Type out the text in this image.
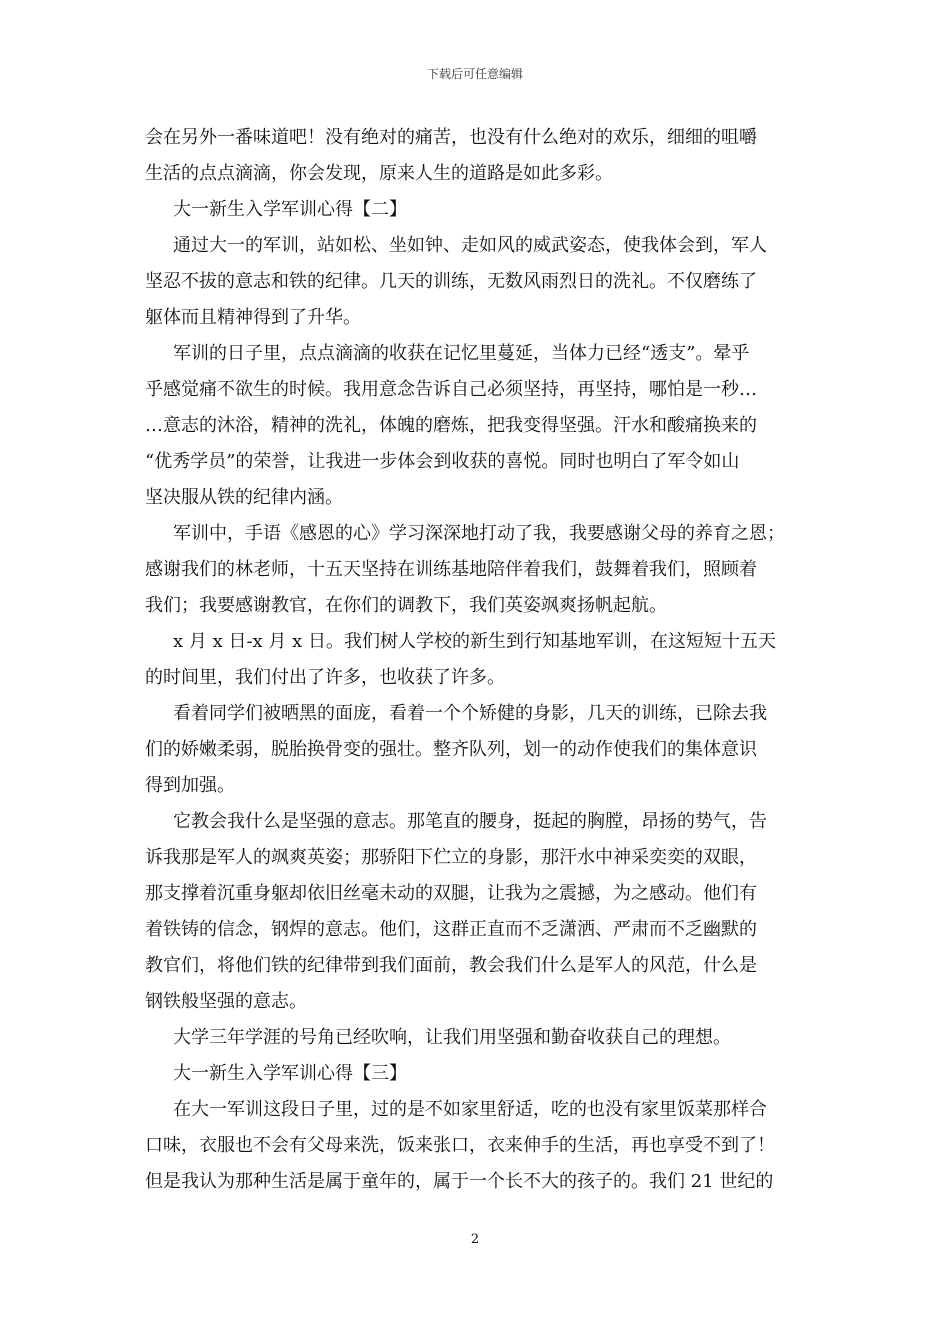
下载后可任意编辑
会在另外一番味道吧！没有绝对的痛苦，也没有什么绝对的欢乐，细细的咀嚼
生活的点点滴滴，你会发现，原来人生的道路是如此多彩。
大一新生入学军训心得【二】
通过大一的军训，站如松、坐如钟、走如风的威武姿态，使我体会到，军人
坚忍不拔的意志和铁的纪律。几天的训练，无数风雨烈日的洗礼。不仅磨练了
躯体而且精神得到了升华。
军训的日子里，点点滴滴的收获在记忆里蔓延，当体力已经“透支”。晕乎
乎感觉痛不欲生的时候。我用意念告诉自己必须坚持，再坚持，哪怕是一秒…
…意志的沐浴，精神的洗礼，体魄的磨炼，把我变得坚强。汗水和酸痛换来的
“优秀学员”的荣誉，让我进一步体会到收获的喜悦。同时也明白了军令如山
坚决服从铁的纪律内涵。
军训中，手语《感恩的心》学习深深地打动了我，我要感谢父母的养育之恩；
感谢我们的林老师，十五天坚持在训练基地陪伴着我们，鼓舞着我们，照顾着
我们；我要感谢教官，在你们的调教下，我们英姿飒爽扬帆起航。
x 月 x 日-x 月 x 日。我们树人学校的新生到行知基地军训，在这短短十五天
的时间里，我们付出了许多，也收获了许多。
看着同学们被晒黑的面庞，看着一个个矫健的身影，几天的训练，已除去我
们的娇嫩柔弱，脱胎换骨变的强壮。整齐队列，划一的动作使我们的集体意识
得到加强。
它教会我什么是坚强的意志。那笔直的腰身，挺起的胸膛，昂扬的势气，告
诉我那是军人的飒爽英姿；那骄阳下伫立的身影，那汗水中神采奕奕的双眼，
那支撑着沉重身躯却依旧丝毫未动的双腿，让我为之震撼，为之感动。他们有
着铁铸的信念，钢焊的意志。他们，这群正直而不乏潇洒、严肃而不乏幽默的
教官们，将他们铁的纪律带到我们面前，教会我们什么是军人的风范，什么是
钢铁般坚强的意志。
大学三年学涯的号角已经吹响，让我们用坚强和勤奋收获自己的理想。
大一新生入学军训心得【三】
在大一军训这段日子里，过的是不如家里舒适，吃的也没有家里饭菜那样合
口味，衣服也不会有父母来洗，饭来张口，衣来伸手的生活，再也享受不到了！
但是我认为那种生活是属于童年的，属于一个长不大的孩子的。我们 21 世纪的
2
